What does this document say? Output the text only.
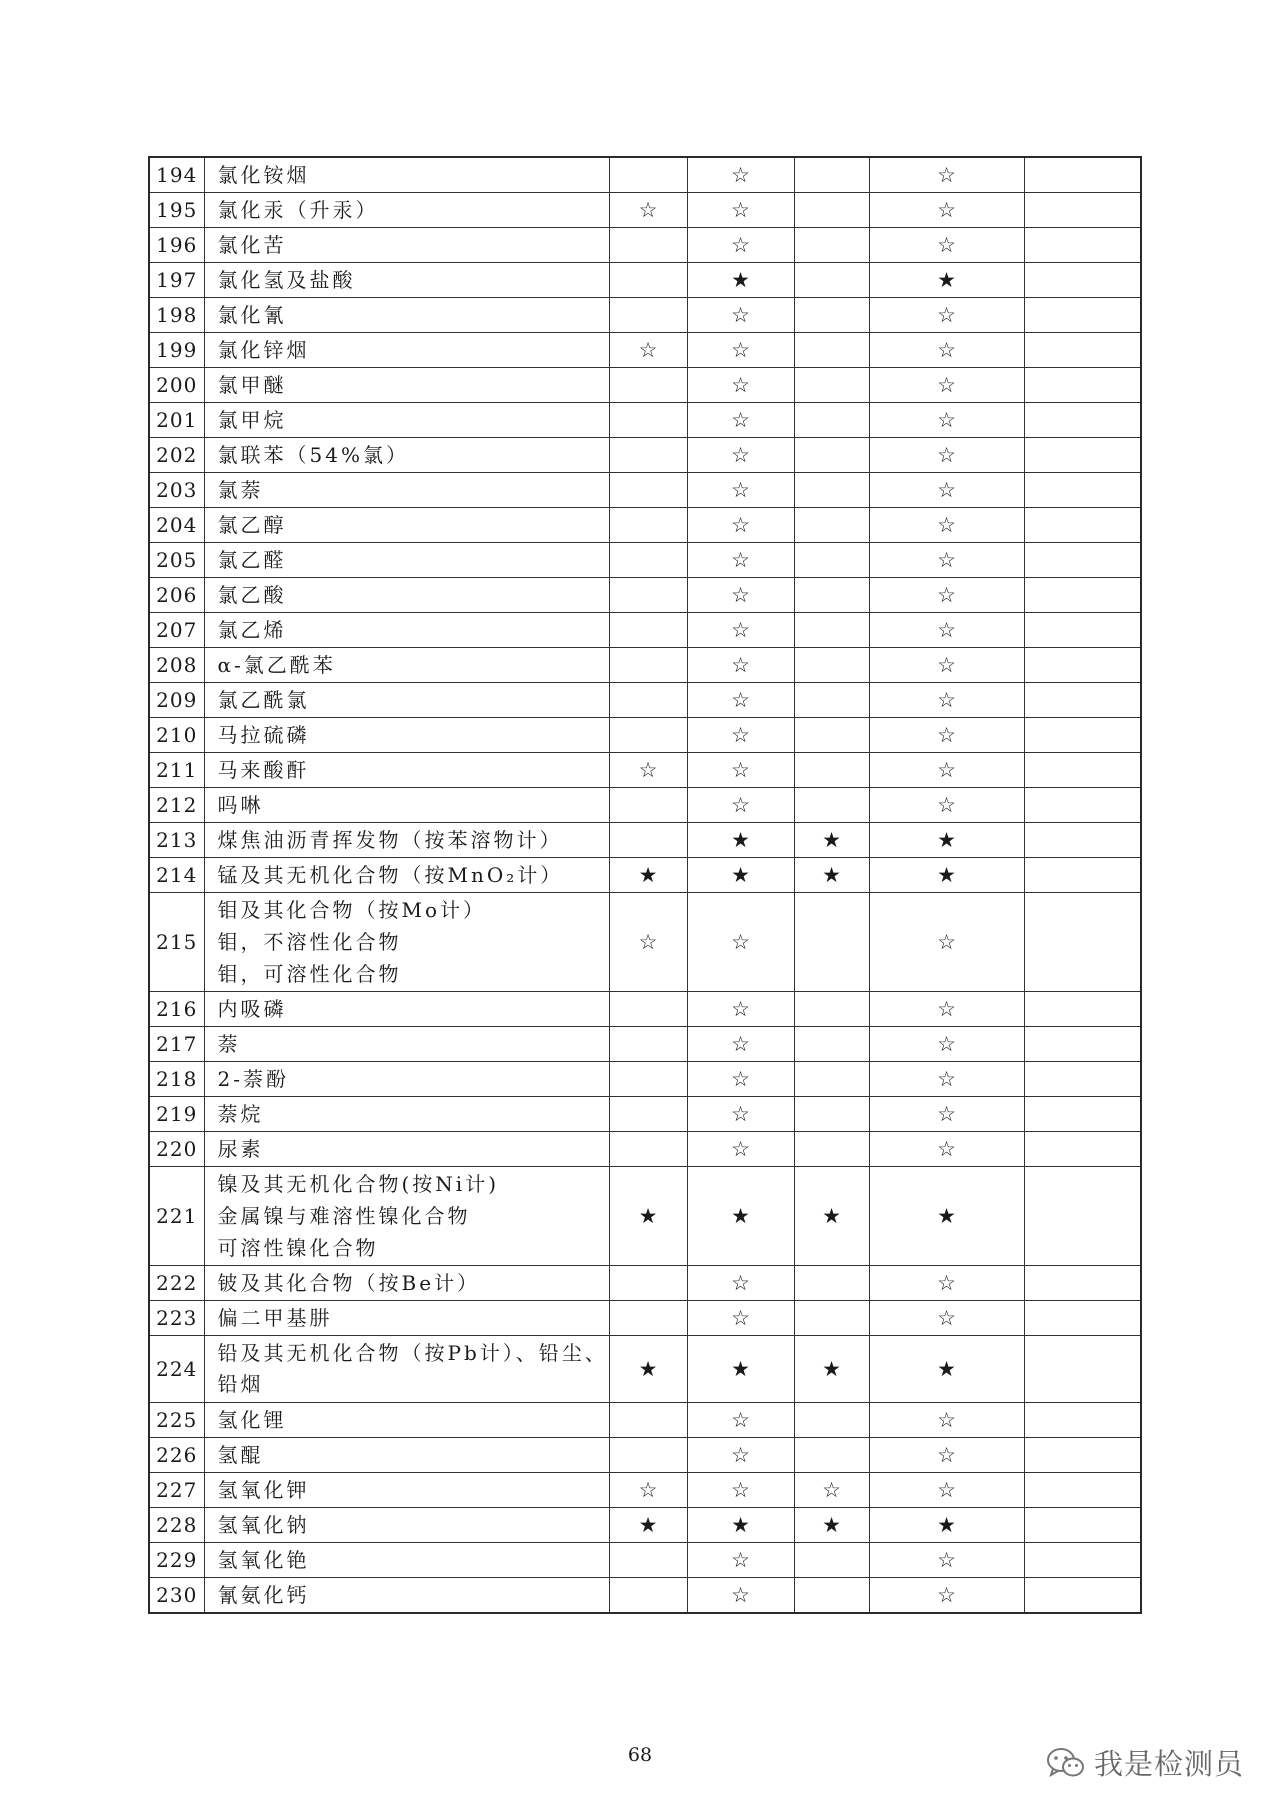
194	氯化铵烟		☆		☆	
195	氯化汞（升汞）	☆	☆		☆	
196	氯化苦		☆		☆	
197	氯化氢及盐酸		★		★	
198	氯化氰		☆		☆	
199	氯化锌烟	☆	☆		☆	
200	氯甲醚		☆		☆	
201	氯甲烷		☆		☆	
202	氯联苯（54%氯）		☆		☆	
203	氯萘		☆		☆	
204	氯乙醇		☆		☆	
205	氯乙醛		☆		☆	
206	氯乙酸		☆		☆	
207	氯乙烯		☆		☆	
208	α-氯乙酰苯		☆		☆	
209	氯乙酰氯		☆		☆	
210	马拉硫磷		☆		☆	
211	马来酸酐	☆	☆		☆	
212	吗啉		☆		☆	
213	煤焦油沥青挥发物（按苯溶物计）		★	★	★	
214	锰及其无机化合物（按MnO₂计）	★	★	★	★	
215	钼及其化合物（按Mo计）
钼，不溶性化合物
钼，可溶性化合物	☆	☆		☆	
216	内吸磷		☆		☆	
217	萘		☆		☆	
218	2-萘酚		☆		☆	
219	萘烷		☆		☆	
220	尿素		☆		☆	
221	镍及其无机化合物(按Ni计)
金属镍与难溶性镍化合物
可溶性镍化合物	★	★	★	★	
222	铍及其化合物（按Be计）		☆		☆	
223	偏二甲基肼		☆		☆	
224	铅及其无机化合物（按Pb计）、铅尘、
铅烟	★	★	★	★	
225	氢化锂		☆		☆	
226	氢醌		☆		☆	
227	氢氧化钾	☆	☆	☆	☆	
228	氢氧化钠	★	★	★	★	
229	氢氧化铯		☆		☆	
230	氰氨化钙		☆		☆	
68	我是检测员
